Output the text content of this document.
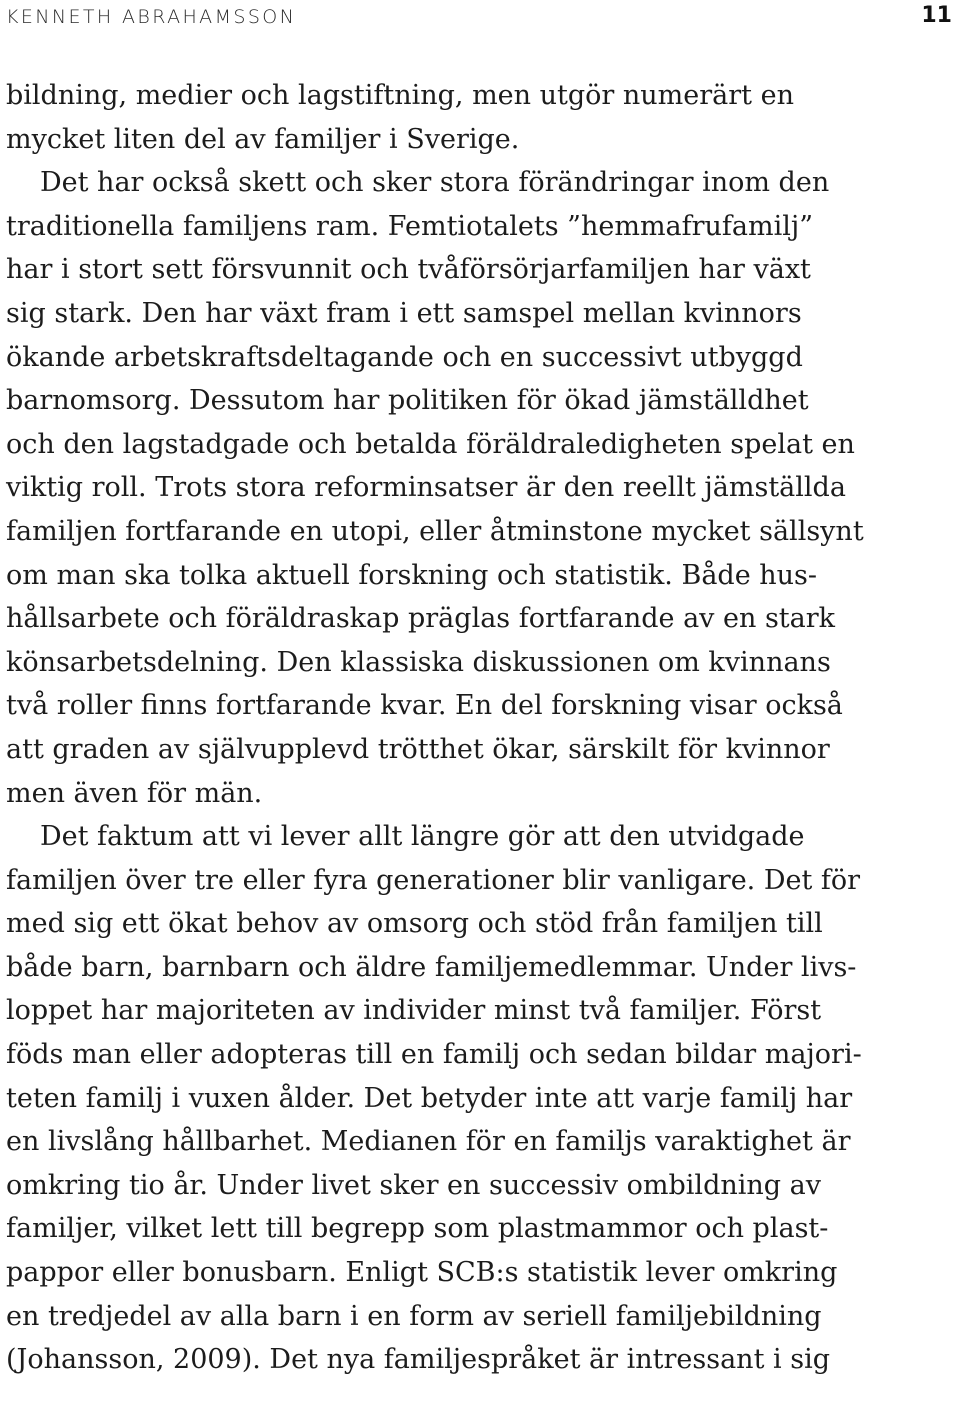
KENNETH ABRAHAMSSON	11
bildning, medier och lagstiftning, men utgör numerärt en
mycket liten del av familjer i Sverige.
Det har också skett och sker stora förändringar inom den
traditionella familjens ram. Femtiotalets ”hemmafrufamilj”
har i stort sett försvunnit och tvåförsörjarfamiljen har växt
sig stark. Den har växt fram i ett samspel mellan kvinnors
ökande arbetskraftsdeltagande och en successivt utbyggd
barnomsorg. Dessutom har politiken för ökad jämställdhet
och den lagstadgade och betalda föräldraledigheten spelat en
viktig roll. Trots stora reforminsatser är den reellt jämställda
familjen fortfarande en utopi, eller åtminstone mycket sällsynt
om man ska tolka aktuell forskning och statistik. Både hus-
hållsarbete och föräldraskap präglas fortfarande av en stark
könsarbetsdelning. Den klassiska diskussionen om kvinnans
två roller finns fortfarande kvar. En del forskning visar också
att graden av självupplevd trötthet ökar, särskilt för kvinnor
men även för män.
Det faktum att vi lever allt längre gör att den utvidgade
familjen över tre eller fyra generationer blir vanligare. Det för
med sig ett ökat behov av omsorg och stöd från familjen till
både barn, barnbarn och äldre familjemedlemmar. Under livs-
loppet har majoriteten av individer minst två familjer. Först
föds man eller adopteras till en familj och sedan bildar majori-
teten familj i vuxen ålder. Det betyder inte att varje familj har
en livslång hållbarhet. Medianen för en familjs varaktighet är
omkring tio år. Under livet sker en successiv ombildning av
familjer, vilket lett till begrepp som plastmammor och plast-
pappor eller bonusbarn. Enligt SCB:s statistik lever omkring
en tredjedel av alla barn i en form av seriell familjebildning
(Johansson, 2009). Det nya familjespråket är intressant i sig
